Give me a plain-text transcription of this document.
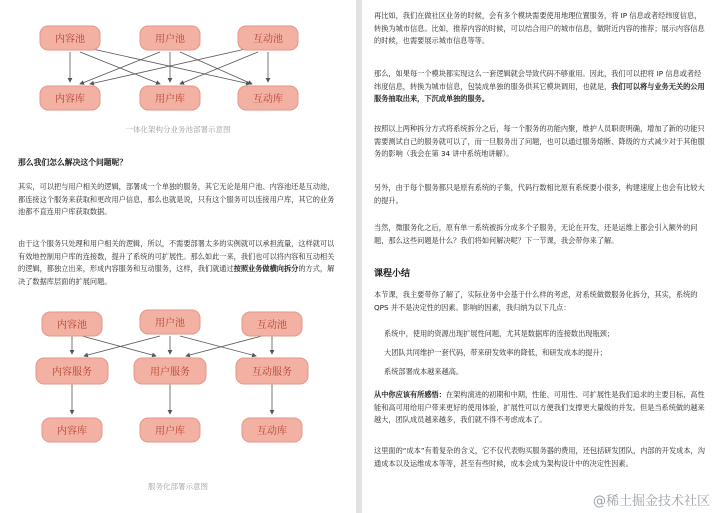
内容池	用户池	互动池
内容库	用户库	互动库
一体化架构分业务池部署示意图
那么我们怎么解决这个问题呢？

其实，可以把与用户相关的逻辑，部署成一个单独的服务，其它无论是用户池、内容池还是互动池，都连接这个服务来获取和更改用户信息，那么也就是说，只有这个服务可以连接用户库，其它的业务池都不直连用户库获取数据。

由于这个服务只处理和用户相关的逻辑，所以，不需要部署太多的实例就可以承担流量，这样就可以有效地控制用户库的连接数，提升了系统的可扩展性。那么如此一来，我们也可以将内容和互动相关的逻辑，都独立出来，形成内容服务和互动服务，这样，我们就通过按照业务做横向拆分的方式，解决了数据库层面的扩展问题。

内容池	用户池	互动池
内容服务	用户服务	互动服务
内容库	用户库	互动库
服务化部署示意图

再比如，我们在做社区业务的时候，会有多个模块需要使用地理位置服务，将 IP 信息或者经纬度信息，转换为城市信息。比如，推荐内容的时候，可以结合用户的城市信息，做附近内容的推荐；展示内容信息的时候，也需要展示城市信息等等。

那么，如果每一个模块都实现这么一套逻辑就会导致代码不够重用。因此，我们可以把将 IP 信息或者经纬度信息，转换为城市信息，包装成单独的服务供其它模块调用，也就是，我们可以将与业务无关的公用服务抽取出来，下沉成单独的服务。

按照以上两种拆分方式将系统拆分之后，每一个服务的功能内聚，维护人员职责明确，增加了新的功能只需要测试自己的服务就可以了，而一旦服务出了问题，也可以通过服务熔断、降级的方式减少对于其他服务的影响（我会在第 34 讲中系统地讲解）。

另外，由于每个服务都只是原有系统的子集，代码行数相比原有系统要小很多，构建速度上也会有比较大的提升。

当然，微服务化之后，原有单一系统被拆分成多个子服务，无论在开发，还是运维上都会引入额外的问题，那么这些问题是什么？我们将如何解决呢？下一节课，我会带你来了解。

课程小结

本节课，我主要带你了解了，实际业务中会基于什么样的考虑，对系统做微服务化拆分，其实，系统的 QPS 并不是决定性的因素。影响的因素，我归纳为以下几点：

系统中，使用的资源出现扩展性问题，尤其是数据库的连接数出现瓶颈；
大团队共同维护一套代码，带来研发效率的降低，和研发成本的提升；
系统部署成本越来越高。

从中你应该有所感悟：在架构演进的初期和中期，性能、可用性、可扩展性是我们追求的主要目标，高性能和高可用给用户带来更好的使用体验，扩展性可以方便我们支撑更大量级的并发。但是当系统做的越来越大，团队成员越来越多，我们就不得不考虑成本了。

这里面的“成本”有着复杂的含义，它不仅代表购买服务器的费用，还包括研发团队，内部的开发成本，沟通成本以及运维成本等等，甚至有些时候，成本会成为架构设计中的决定性因素。

@稀土掘金技术社区
